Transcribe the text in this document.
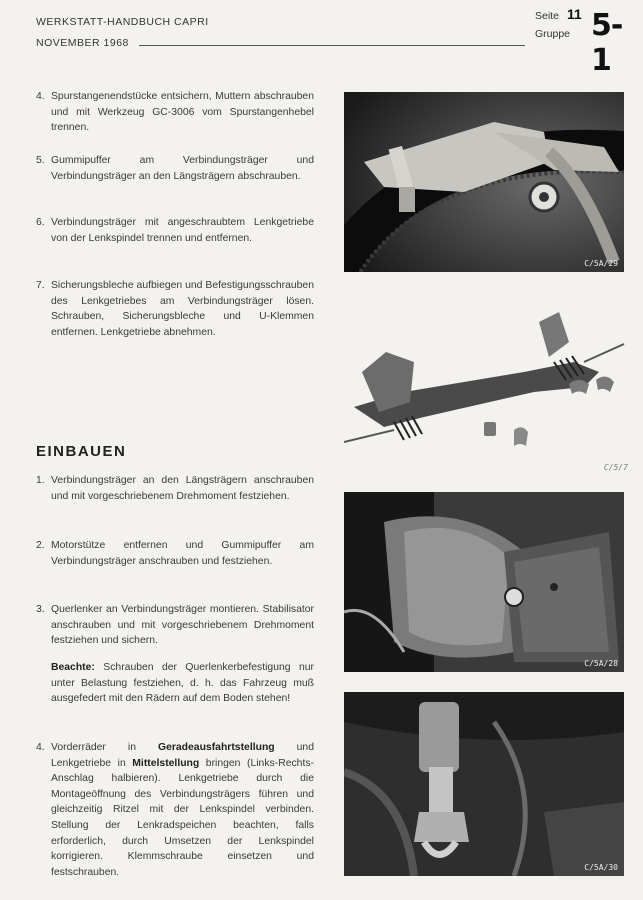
WERKSTATT-HANDBUCH CAPRI
NOVEMBER 1968
Seite 11
Gruppe 5-1
4. Spurstangenendstücke entsichern, Muttern abschrauben und mit Werkzeug GC-3006 vom Spurstangenhebel trennen.
5. Gummipuffer am Verbindungsträger und Verbindungsträger an den Längsträgern abschrauben.
6. Verbindungsträger mit angeschraubtem Lenkgetriebe von der Lenkspindel trennen und entfernen.
7. Sicherungsbleche aufbiegen und Befestigungsschrauben des Lenkgetriebes am Verbindungsträger lösen. Schrauben, Sicherungsbleche und U-Klemmen entfernen. Lenkgetriebe abnehmen.
EINBAUEN
1. Verbindungsträger an den Längsträgern anschrauben und mit vorgeschriebenem Drehmoment festziehen.
2. Motorstütze entfernen und Gummipuffer am Verbindungsträger anschrauben und festziehen.
3. Querlenker an Verbindungsträger montieren. Stabilisator anschrauben und mit vorgeschriebenem Drehmoment festziehen und sichern.
Beachte: Schrauben der Querlenkerbefestigung nur unter Belastung festziehen, d. h. das Fahrzeug muß ausgefedert mit den Rädern auf dem Boden stehen!
4. Vorderräder in Geradeausfahrtstellung und Lenkgetriebe in Mittelstellung bringen (Links-Rechts-Anschlag halbieren). Lenkgetriebe durch die Montageöffnung des Verbindungsträgers führen und gleichzeitig Ritzel mit der Lenkspindel verbinden. Stellung der Lenkradspeichen beachten, falls erforderlich, durch Umsetzen der Lenkspindel korrigieren. Klemmschraube einsetzen und festschrauben.
C/5A/29
C/5/7
C/5A/28
C/5A/30
